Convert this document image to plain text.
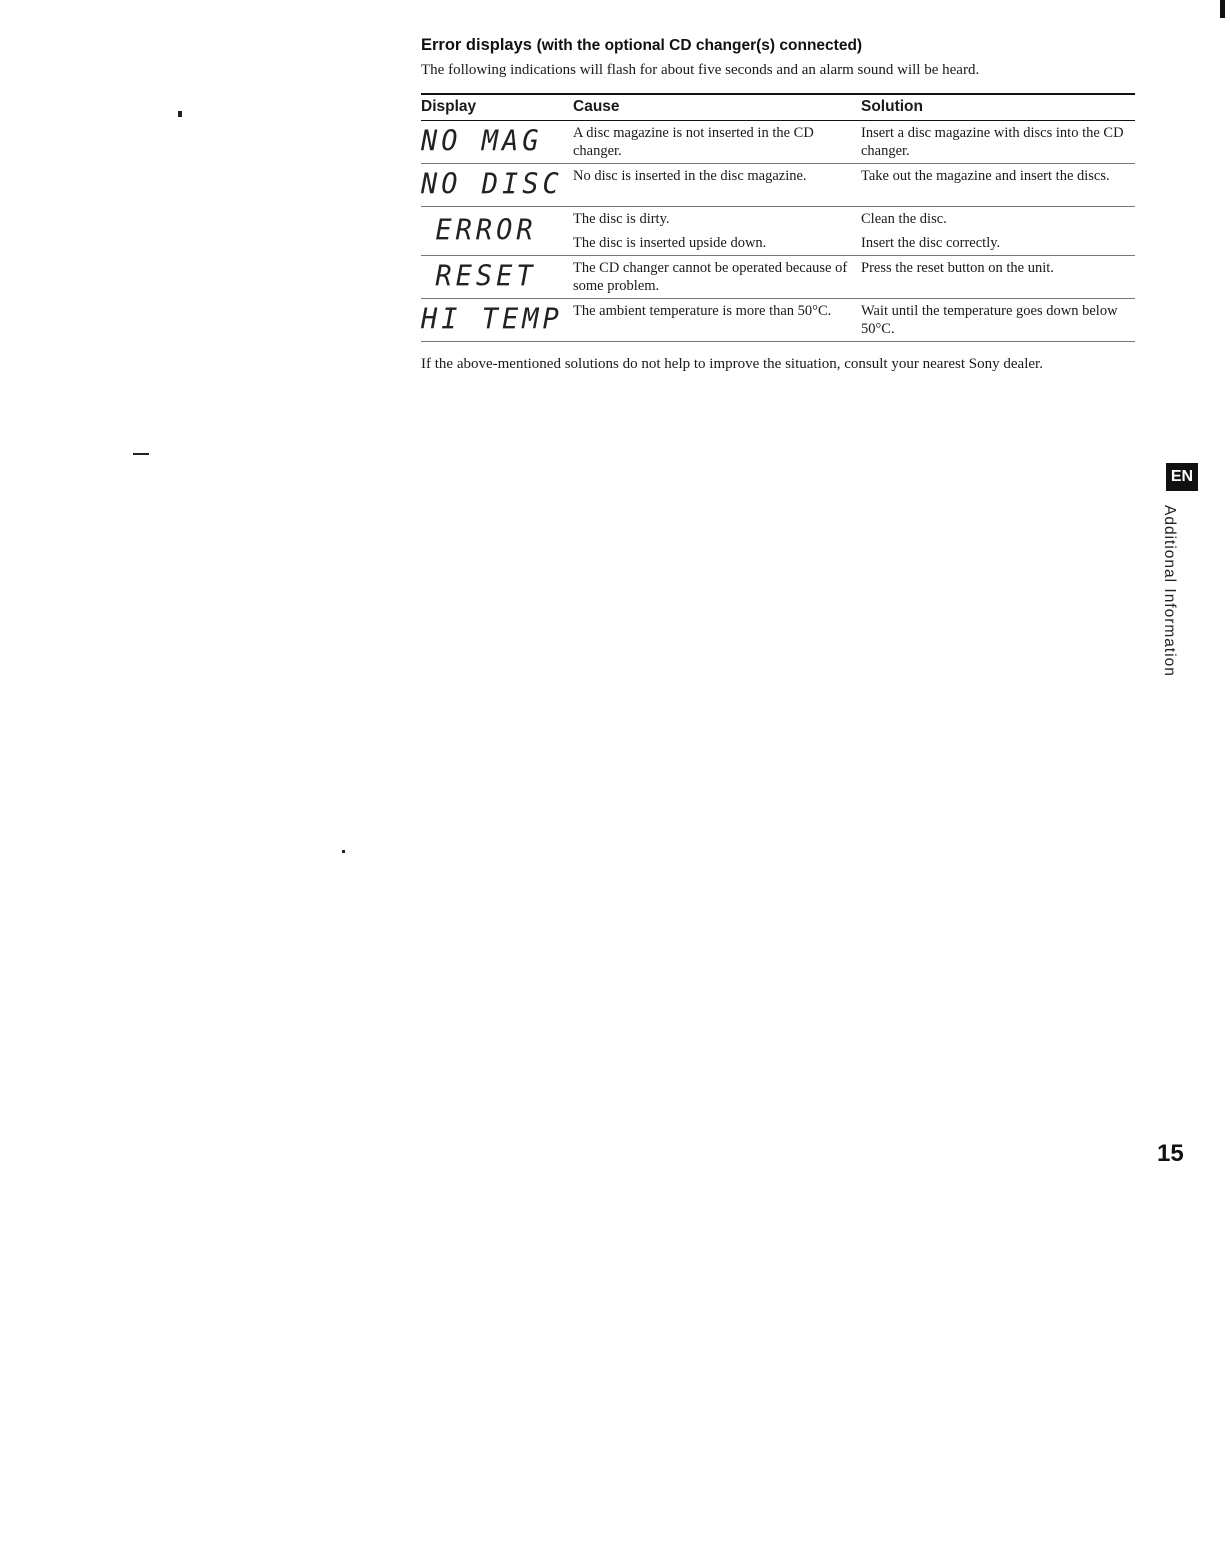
Error displays (with the optional CD changer(s) connected)

The following indications will flash for about five seconds and an alarm sound will be heard.

Display	Cause	Solution
NO MAG	A disc magazine is not inserted in the CD changer.	Insert a disc magazine with discs into the CD changer.
NO DISC	No disc is inserted in the disc magazine.	Take out the magazine and insert the discs.

ERROR	The disc is dirty.	Clean the disc.
	The disc is inserted upside down.	Insert the disc correctly.

RESET	The CD changer cannot be operated because of some problem.	Press the reset button on the unit.
HI TEMP	The ambient temperature is more than 50°C.	Wait until the temperature goes down below 50°C.

If the above-mentioned solutions do not help to improve the situation, consult your nearest Sony dealer.

EN
Additional Information
15
